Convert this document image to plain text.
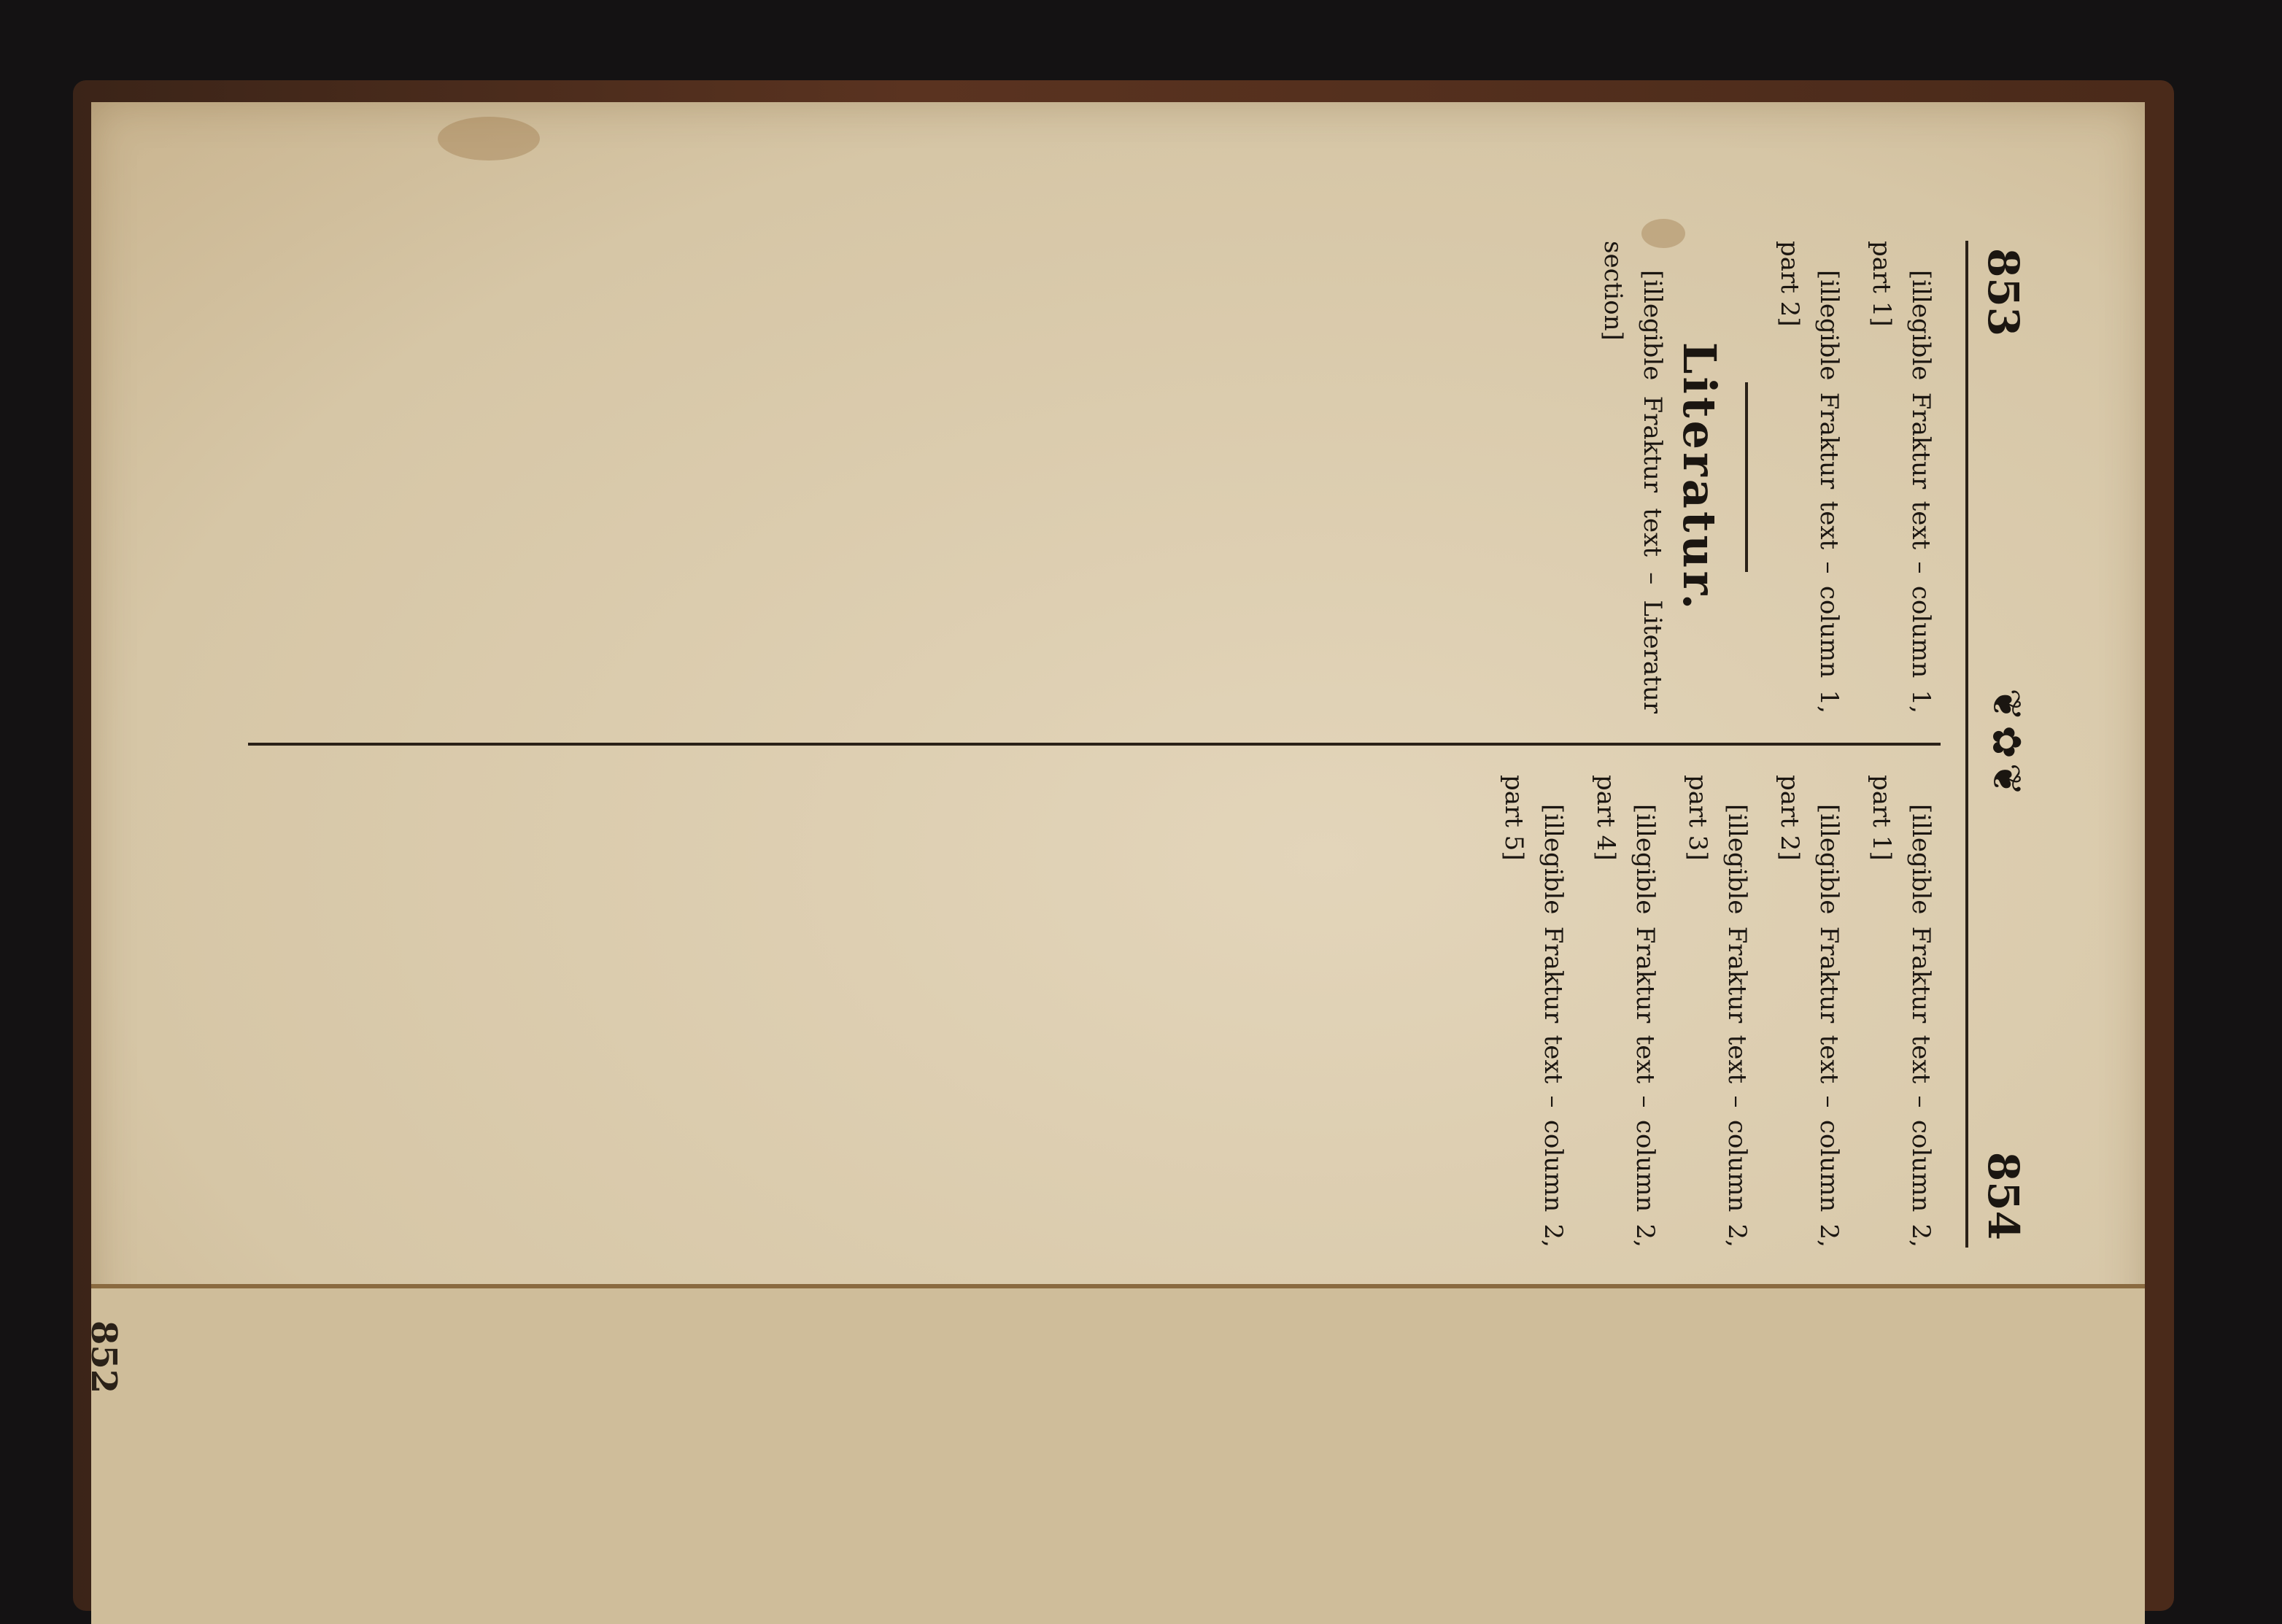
852
853
❦✿❦
854

[illegible Fraktur text – column 1, part 1]

[illegible Fraktur text – column 1, part 2]

Literatur.

[illegible Fraktur text – Literatur section]

[illegible Fraktur text – column 2, part 1]

[illegible Fraktur text – column 2, part 2]

[illegible Fraktur text – column 2, part 3]

[illegible Fraktur text – column 2, part 4]

[illegible Fraktur text – column 2, part 5]
